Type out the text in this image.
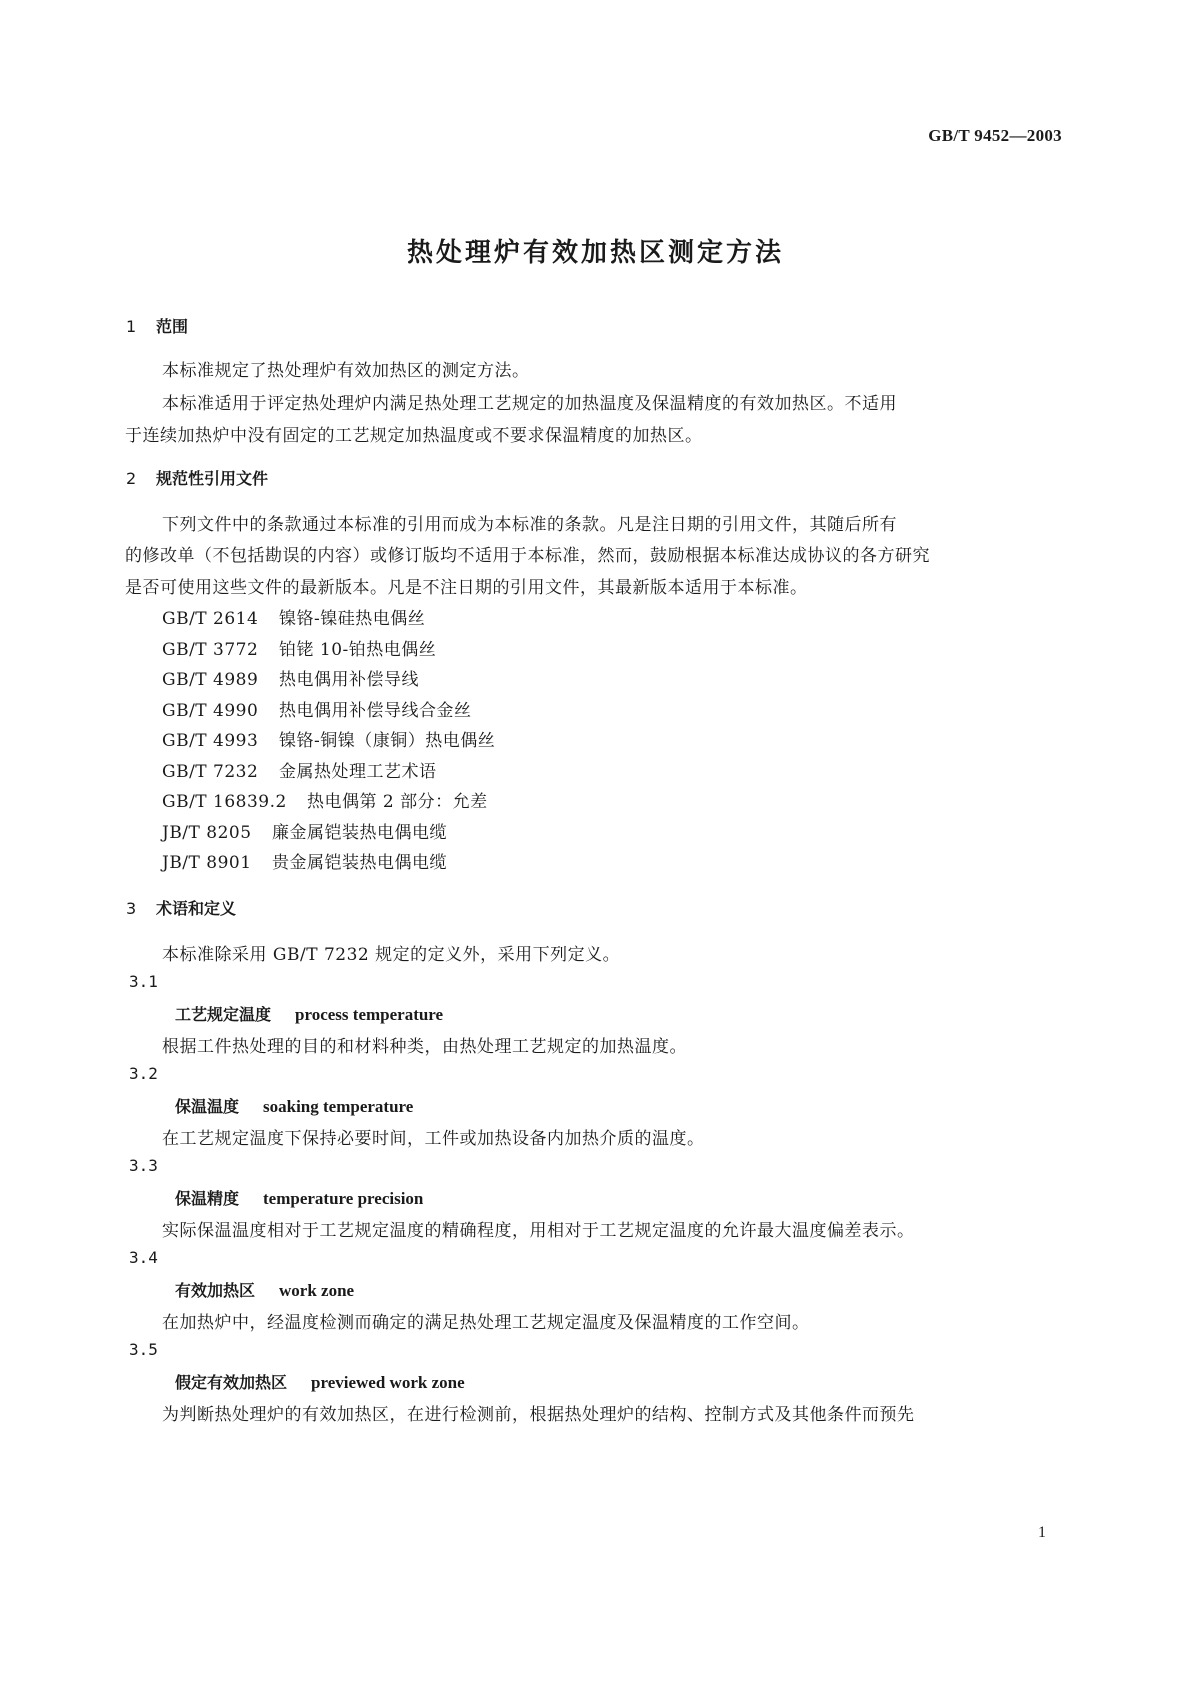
GB/T 9452—2003
热处理炉有效加热区测定方法
1 范围
本标准规定了热处理炉有效加热区的测定方法。
本标准适用于评定热处理炉内满足热处理工艺规定的加热温度及保温精度的有效加热区。不适用
于连续加热炉中没有固定的工艺规定加热温度或不要求保温精度的加热区。
2 规范性引用文件
下列文件中的条款通过本标准的引用而成为本标准的条款。凡是注日期的引用文件，其随后所有
的修改单（不包括勘误的内容）或修订版均不适用于本标准，然而，鼓励根据本标准达成协议的各方研究
是否可使用这些文件的最新版本。凡是不注日期的引用文件，其最新版本适用于本标准。
GB/T 2614 镍铬-镍硅热电偶丝
GB/T 3772 铂铑 10-铂热电偶丝
GB/T 4989 热电偶用补偿导线
GB/T 4990 热电偶用补偿导线合金丝
GB/T 4993 镍铬-铜镍（康铜）热电偶丝
GB/T 7232 金属热处理工艺术语
GB/T 16839.2 热电偶第 2 部分：允差
JB/T 8205 廉金属铠装热电偶电缆
JB/T 8901 贵金属铠装热电偶电缆
3 术语和定义
本标准除采用 GB/T 7232 规定的定义外，采用下列定义。
3.1
工艺规定温度 process temperature
根据工件热处理的目的和材料种类，由热处理工艺规定的加热温度。
3.2
保温温度 soaking temperature
在工艺规定温度下保持必要时间，工件或加热设备内加热介质的温度。
3.3
保温精度 temperature precision
实际保温温度相对于工艺规定温度的精确程度，用相对于工艺规定温度的允许最大温度偏差表示。
3.4
有效加热区 work zone
在加热炉中，经温度检测而确定的满足热处理工艺规定温度及保温精度的工作空间。
3.5
假定有效加热区 previewed work zone
为判断热处理炉的有效加热区，在进行检测前，根据热处理炉的结构、控制方式及其他条件而预先
1
